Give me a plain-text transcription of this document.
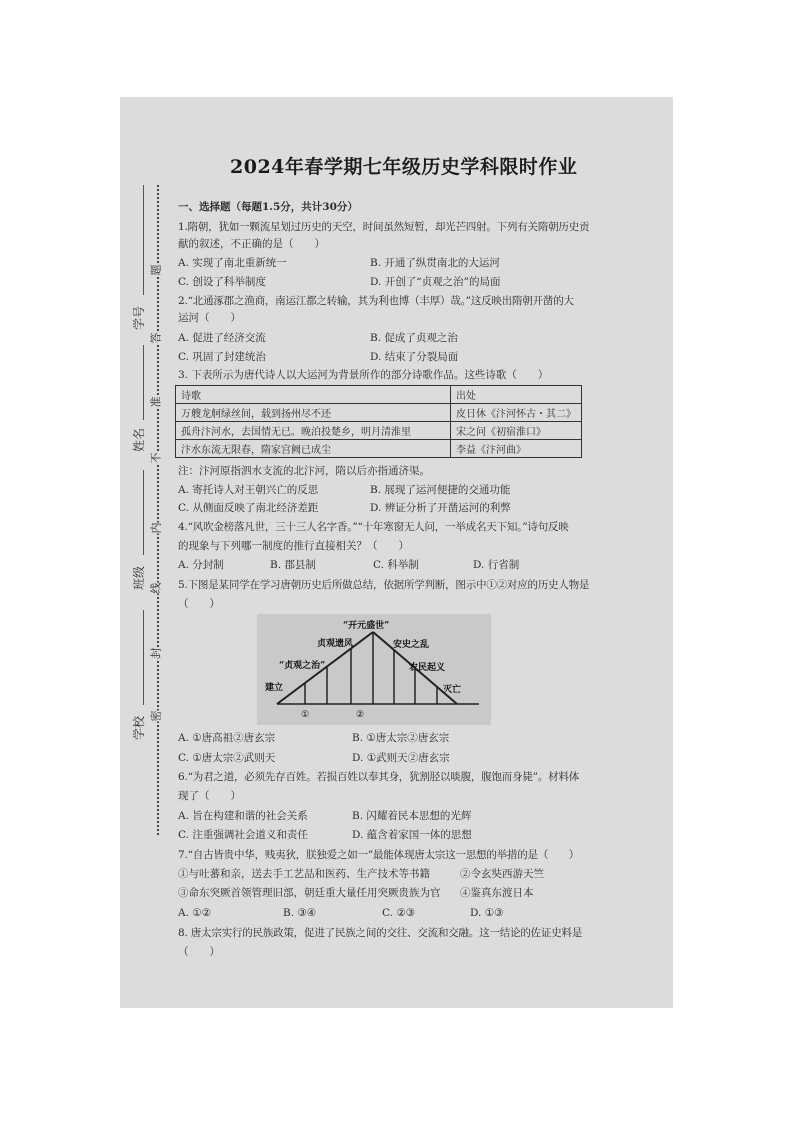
学号
姓名
班级
学校
题
答
准
不
内
线
封
密
2024年春学期七年级历史学科限时作业
一、选择题（每题1.5分，共计30分）
1.隋朝，犹如一颗流星划过历史的天空，时间虽然短暂，却光芒四射。下列有关隋朝历史贡
献的叙述，不正确的是（　　）
A. 实现了南北重新统一	B. 开通了纵贯南北的大运河
C. 创设了科举制度	D. 开创了“贞观之治”的局面
2.“北通涿郡之渔商，南运江都之转输，其为利也博（丰厚）哉。”这反映出隋朝开凿的大
运河（　　）
A. 促进了经济交流	B. 促成了贞观之治
C. 巩固了封建统治	D. 结束了分裂局面
3. 下表所示为唐代诗人以大运河为背景所作的部分诗歌作品。这些诗歌（　　）
诗歌	出处
万艘龙舸绿丝间，载到扬州尽不还	皮日休《汴河怀古・其二》
孤舟汴河水，去国情无已。晚泊投楚乡，明月清淮里	宋之问《初宿淮口》
汴水东流无限春，隋家宫阙已成尘	李益《汴河曲》
注：汴河原指泗水支流的北汴河，隋以后亦指通济渠。
A. 寄托诗人对王朝兴亡的反思	B. 展现了运河便捷的交通功能
C. 从侧面反映了南北经济差距	D. 辨证分析了开凿运河的利弊
4.“风吹金榜落凡世，三十三人名字香。”“十年寒窗无人问，一举成名天下知。”诗句反映
的现象与下列哪一制度的推行直接相关？（　　）
A. 分封制	B. 郡县制	C. 科举制	D. 行省制
5.下图是某同学在学习唐朝历史后所做总结，依据所学判断，图示中①②对应的历史人物是
（　　）
“开元盛世”
贞观遗风
“贞观之治”
安史之乱
农民起义
建立	灭亡
①	②
A. ①唐高祖②唐玄宗	B. ①唐太宗②唐玄宗
C. ①唐太宗②武则天	D. ①武则天②唐玄宗
6.“为君之道，必须先存百姓。若损百姓以奉其身，犹割胫以啖腹，腹饱而身毙”。材料体
现了（　　）
A. 旨在构建和谐的社会关系	B. 闪耀着民本思想的光辉
C. 注重强调社会道义和责任	D. 蕴含着家国一体的思想
7.“自古皆贵中华，贱夷狄，朕独爱之如一”最能体现唐太宗这一思想的举措的是（　　）
①与吐蕃和亲，送去手工艺品和医药、生产技术等书籍	②令玄奘西游天竺
③命东突厥首领管理旧部，朝廷重大量任用突厥贵族为官 ④鉴真东渡日本
A. ①②	B. ③④	C. ②③	D. ①③
8. 唐太宗实行的民族政策，促进了民族之间的交往、交流和交融。这一结论的佐证史料是
（　　）
